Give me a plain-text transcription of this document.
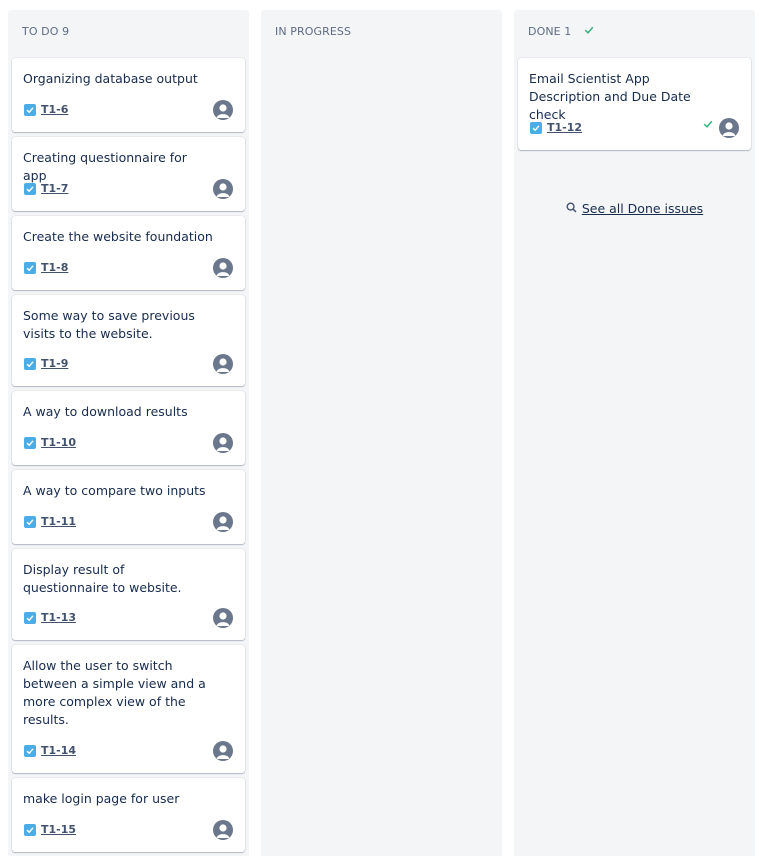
TO DO 9
Organizing database output
T1-6
Creating questionnaire for app
T1-7
Create the website foundation
T1-8
Some way to save previous visits to the website.
T1-9
A way to download results
T1-10
A way to compare two inputs
T1-11
Display result of questionnaire to website.
T1-13
Allow the user to switch between a simple view and a more complex view of the results.
T1-14
make login page for user
T1-15
IN PROGRESS	DONE 1
Email Scientist App Description and Due Date check
T1-12
See all Done issues
